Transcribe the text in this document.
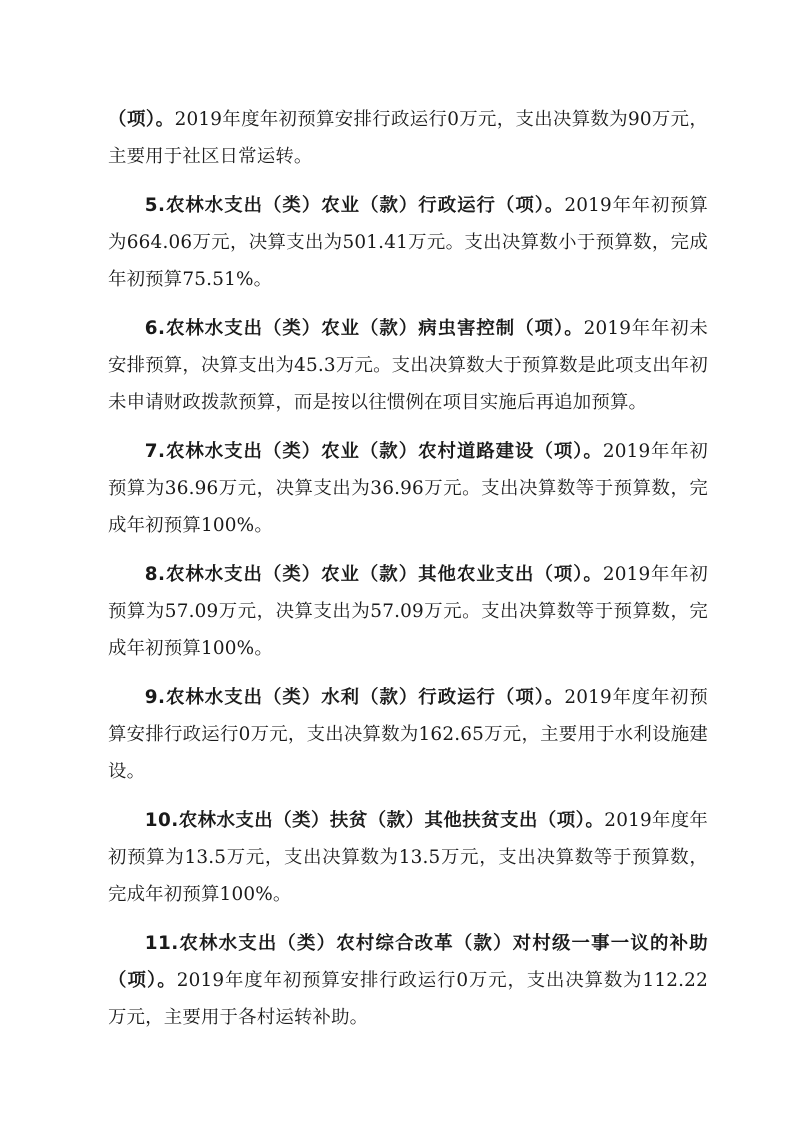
（项）。2019年度年初预算安排行政运行0万元，支出决算数为90万元，主要用于社区日常运转。

5.农林水支出（类）农业（款）行政运行（项）。2019年年初预算为664.06万元，决算支出为501.41万元。支出决算数小于预算数，完成年初预算75.51%。

6.农林水支出（类）农业（款）病虫害控制（项）。2019年年初未安排预算，决算支出为45.3万元。支出决算数大于预算数是此项支出年初未申请财政拨款预算，而是按以往惯例在项目实施后再追加预算。

7.农林水支出（类）农业（款）农村道路建设（项）。2019年年初预算为36.96万元，决算支出为36.96万元。支出决算数等于预算数，完成年初预算100%。

8.农林水支出（类）农业（款）其他农业支出（项）。2019年年初预算为57.09万元，决算支出为57.09万元。支出决算数等于预算数，完成年初预算100%。

9.农林水支出（类）水利（款）行政运行（项）。2019年度年初预算安排行政运行0万元，支出决算数为162.65万元，主要用于水利设施建设。

10.农林水支出（类）扶贫（款）其他扶贫支出（项）。2019年度年初预算为13.5万元，支出决算数为13.5万元，支出决算数等于预算数，完成年初预算100%。

11.农林水支出（类）农村综合改革（款）对村级一事一议的补助（项）。2019年度年初预算安排行政运行0万元，支出决算数为112.22万元，主要用于各村运转补助。
